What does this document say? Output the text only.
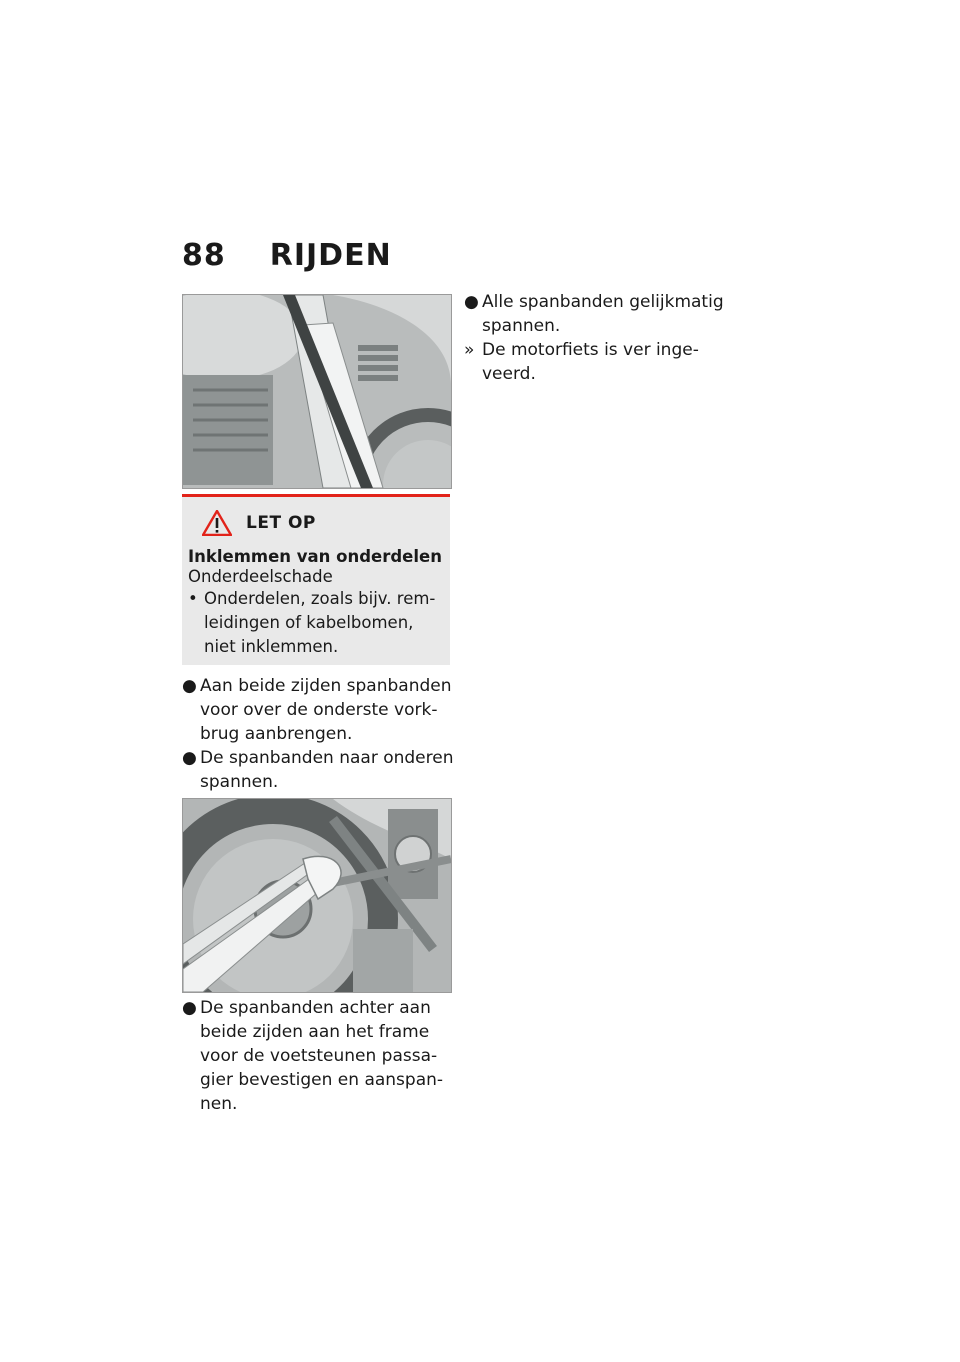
88 RIJDEN
LET OP
Inklemmen van onderdelen
Onderdeelschade
• Onderdelen, zoals bijv. rem-leidingen of kabelbomen, niet inklemmen.

● Aan beide zijden spanbanden voor over de onderste vork-brug aanbrengen.

● De spanbanden naar onderen spannen.

● De spanbanden achter aan beide zijden aan het frame voor de voetsteunen passa-gier bevestigen en aanspan-nen.

● Alle spanbanden gelijkmatig spannen.

» De motorfiets is ver inge-veerd.
